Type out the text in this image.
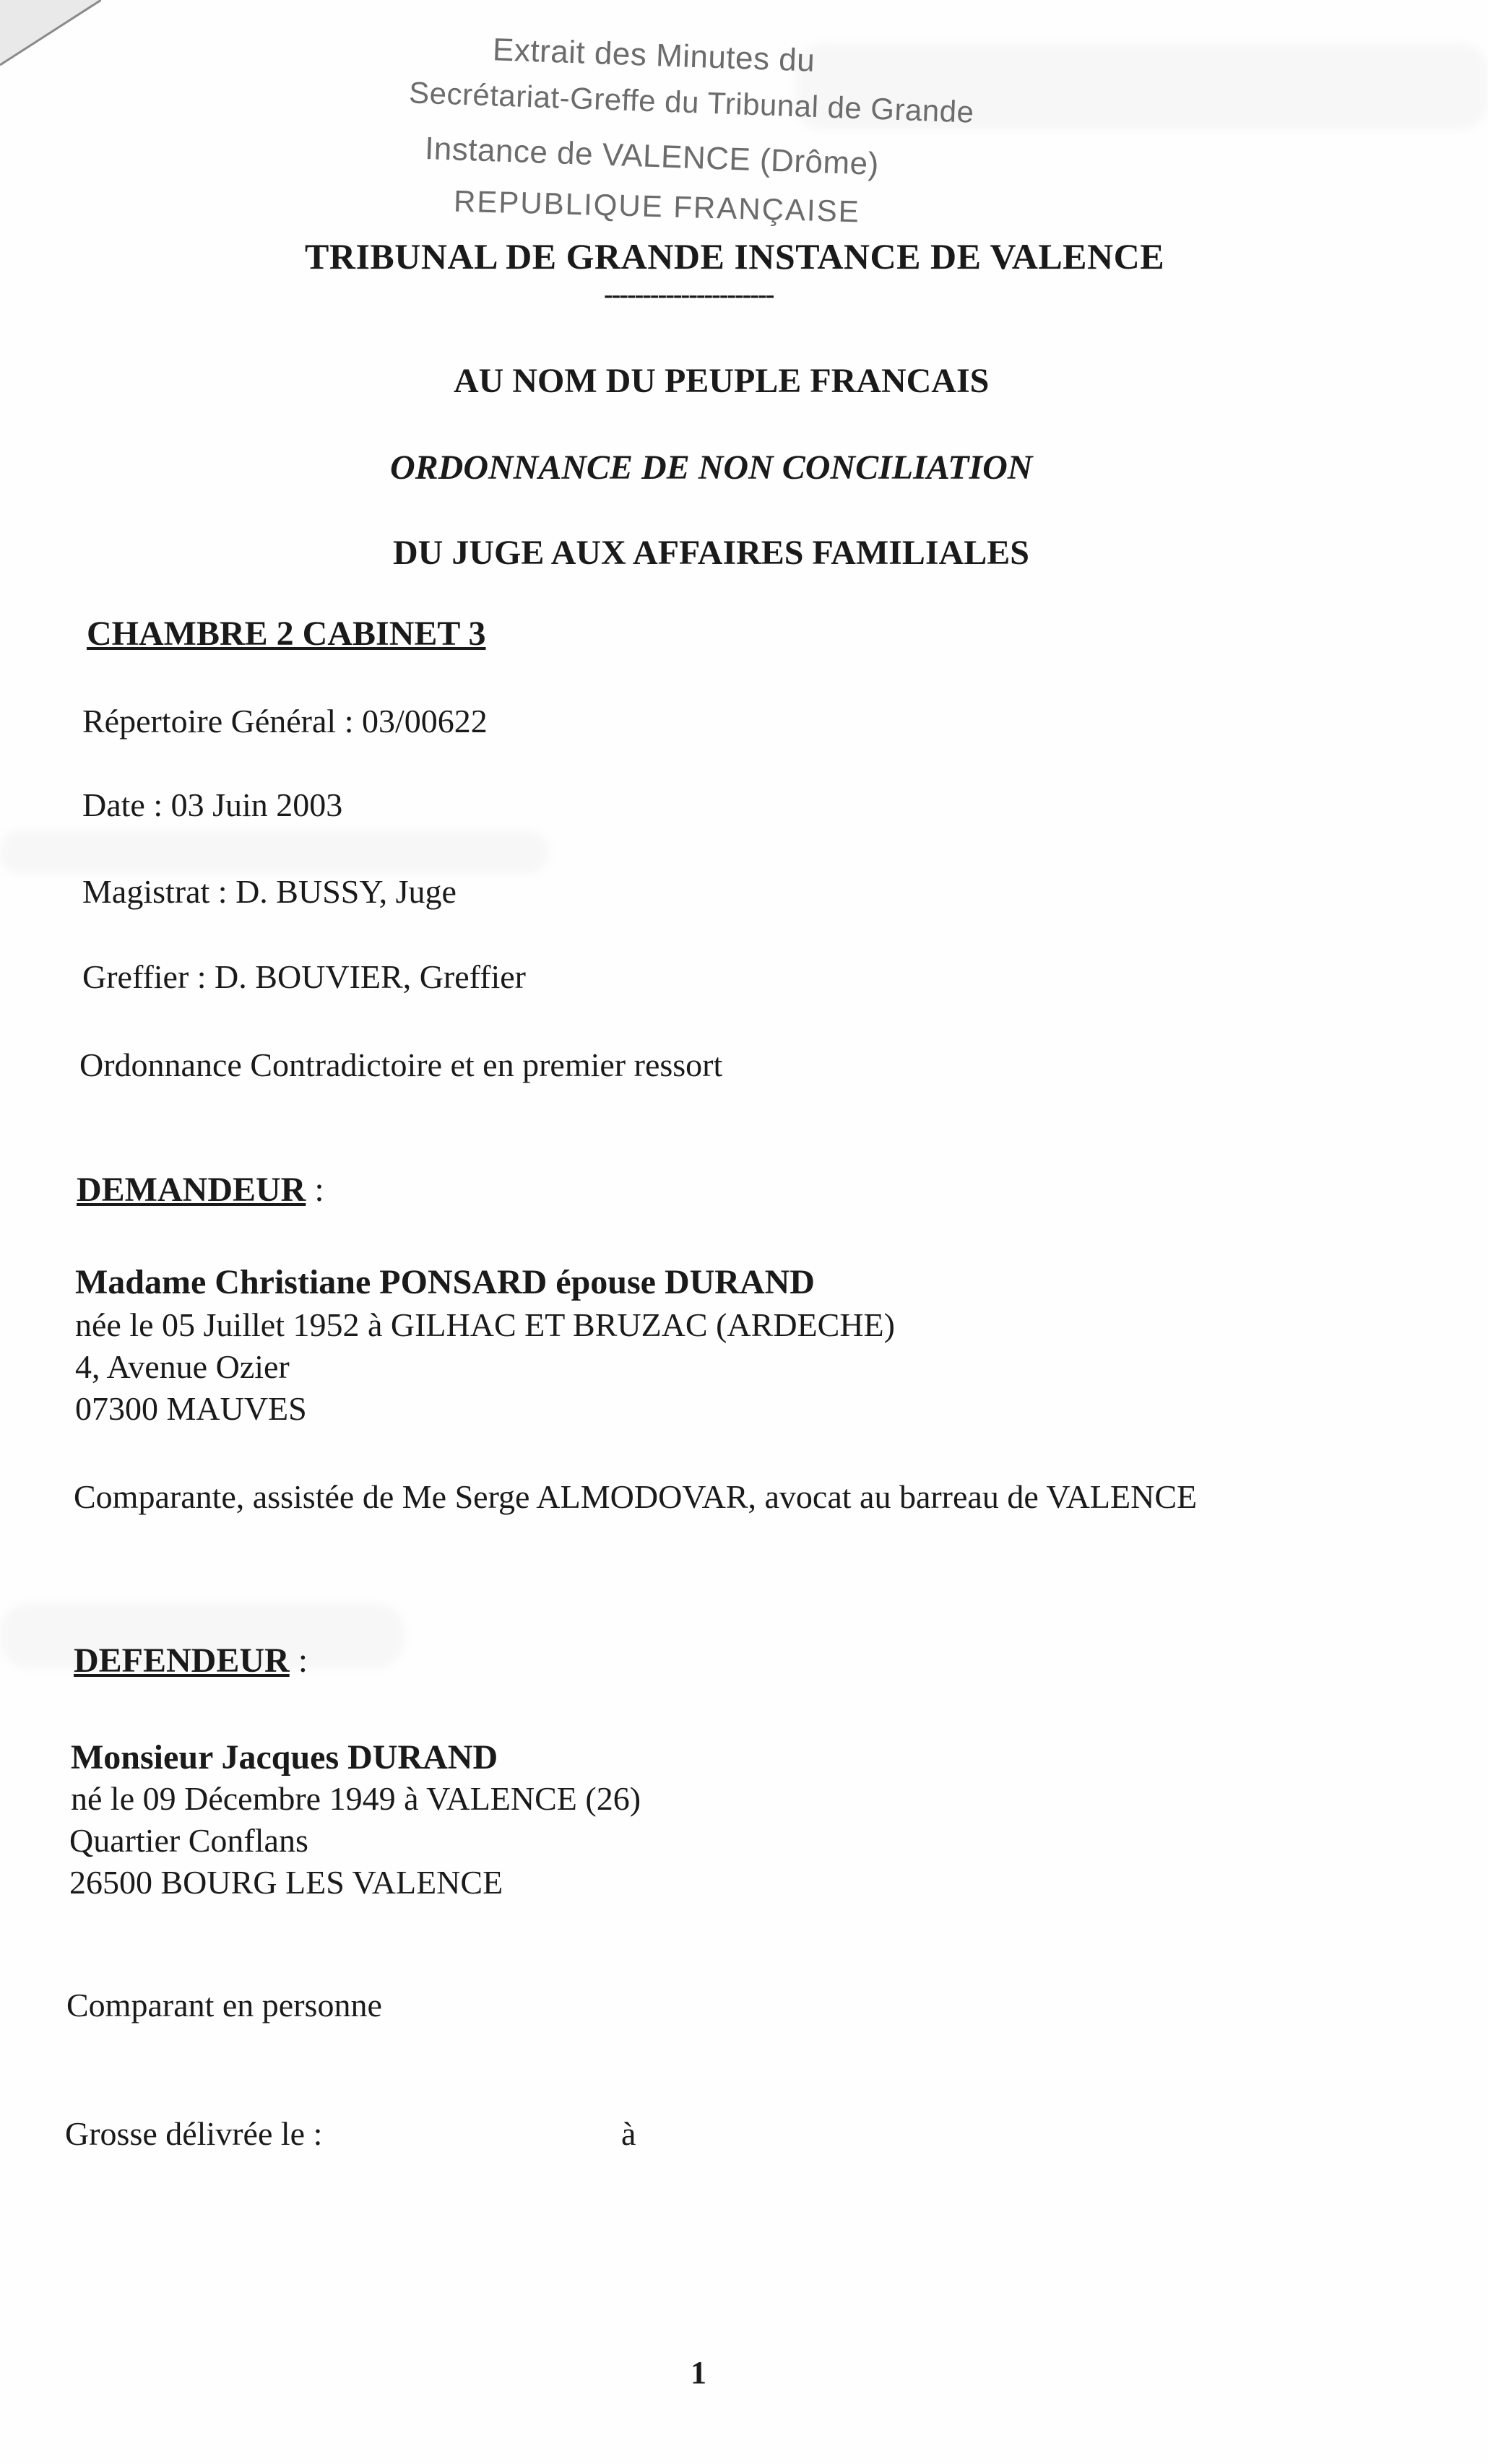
Extrait des Minutes du
Secrétariat-Greffe du Tribunal de Grande
Instance de VALENCE (Drôme)
REPUBLIQUE FRANÇAISE
TRIBUNAL DE GRANDE INSTANCE DE VALENCE
----------------------
AU NOM DU PEUPLE FRANCAIS
ORDONNANCE DE NON CONCILIATION
DU JUGE AUX AFFAIRES FAMILIALES
CHAMBRE 2 CABINET 3
Répertoire Général : 03/00622
Date : 03 Juin 2003
Magistrat : D. BUSSY, Juge
Greffier : D. BOUVIER, Greffier
Ordonnance Contradictoire et en premier ressort
DEMANDEUR :
Madame Christiane PONSARD épouse DURAND
née le 05 Juillet 1952 à GILHAC ET BRUZAC (ARDECHE)
4, Avenue Ozier
07300 MAUVES
Comparante, assistée de Me Serge ALMODOVAR, avocat au barreau de VALENCE
DEFENDEUR :
Monsieur Jacques DURAND
né le 09 Décembre 1949 à VALENCE (26)
Quartier Conflans
26500 BOURG LES VALENCE
Comparant en personne
Grosse délivrée le :	à
1
